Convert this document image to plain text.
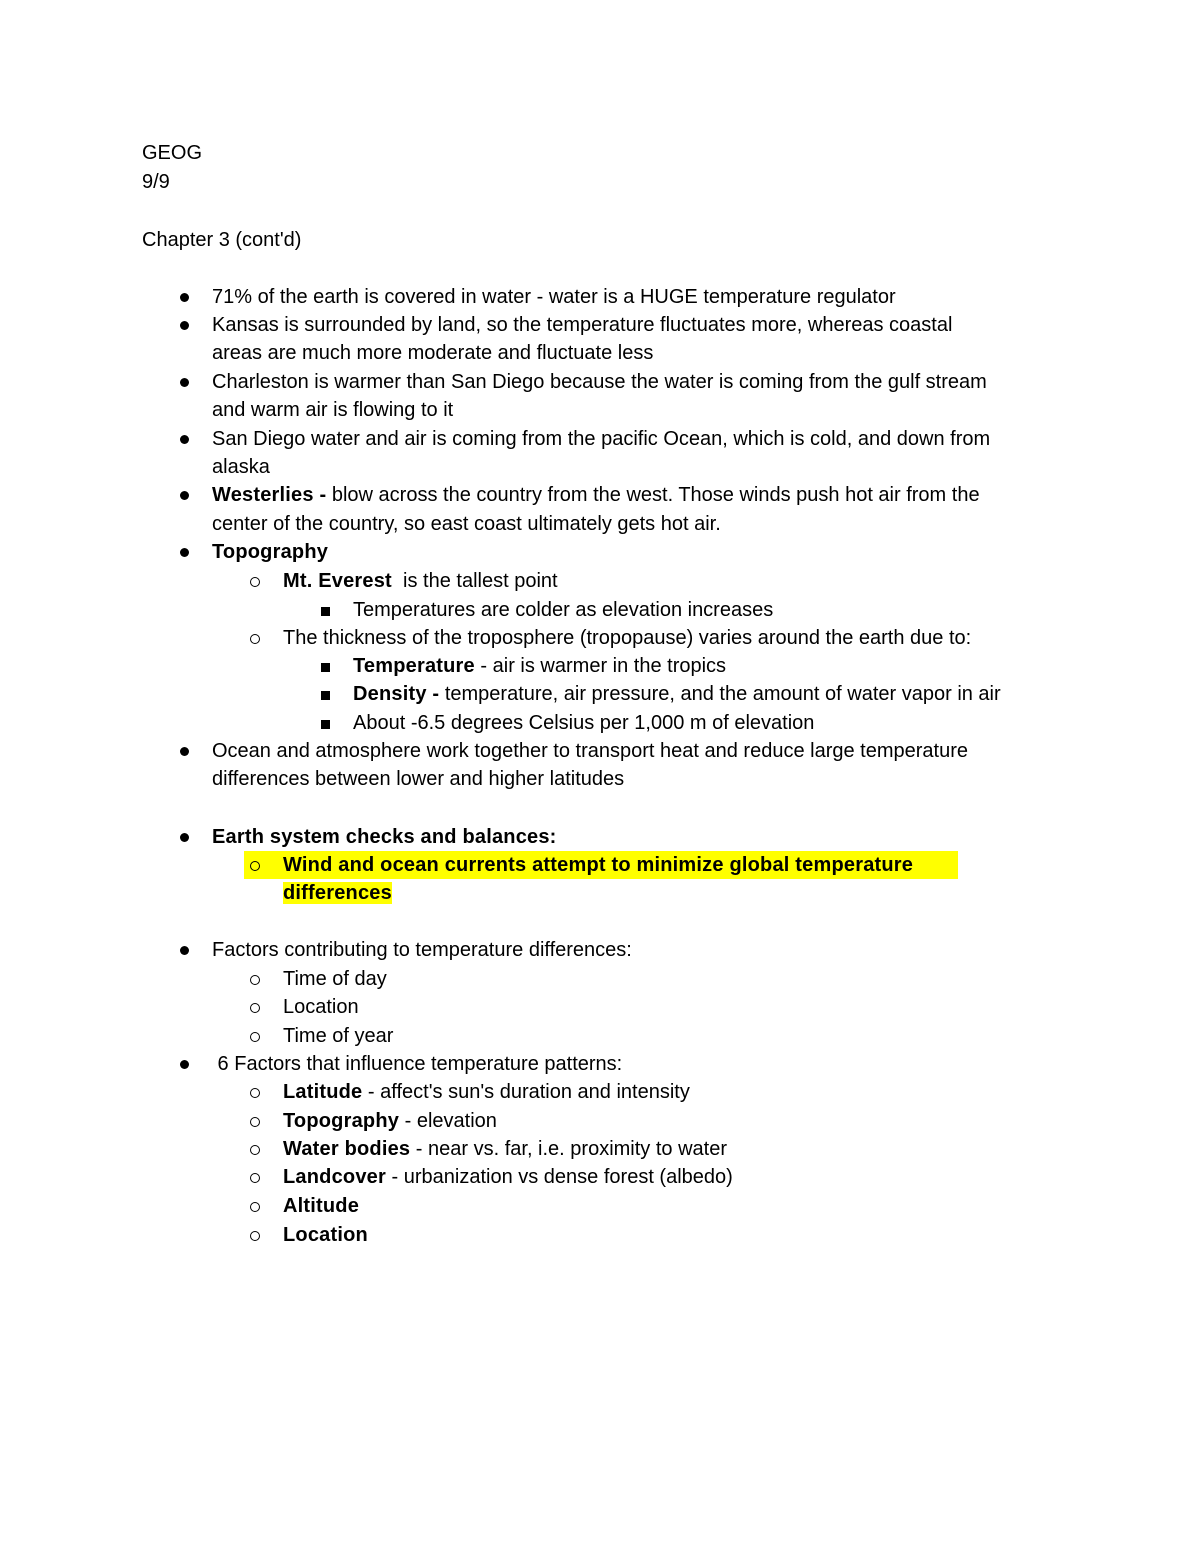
GEOG
9/9
Chapter 3 (cont'd)
71% of the earth is covered in water - water is a HUGE temperature regulator
Kansas is surrounded by land, so the temperature fluctuates more, whereas coastal
areas are much more moderate and fluctuate less
Charleston is warmer than San Diego because the water is coming from the gulf stream
and warm air is flowing to it
San Diego water and air is coming from the pacific Ocean, which is cold, and down from
alaska
Westerlies - blow across the country from the west. Those winds push hot air from the
center of the country, so east coast ultimately gets hot air.
Topography
Mt. Everest  is the tallest point
Temperatures are colder as elevation increases
The thickness of the troposphere (tropopause) varies around the earth due to:
Temperature - air is warmer in the tropics
Density - temperature, air pressure, and the amount of water vapor in air
About -6.5 degrees Celsius per 1,000 m of elevation
Ocean and atmosphere work together to transport heat and reduce large temperature
differences between lower and higher latitudes
Earth system checks and balances:
Wind and ocean currents attempt to minimize global temperature
differences
Factors contributing to temperature differences:
Time of day
Location
Time of year
6 Factors that influence temperature patterns:
Latitude - affect's sun's duration and intensity
Topography - elevation
Water bodies - near vs. far, i.e. proximity to water
Landcover - urbanization vs dense forest (albedo)
Altitude
Location
